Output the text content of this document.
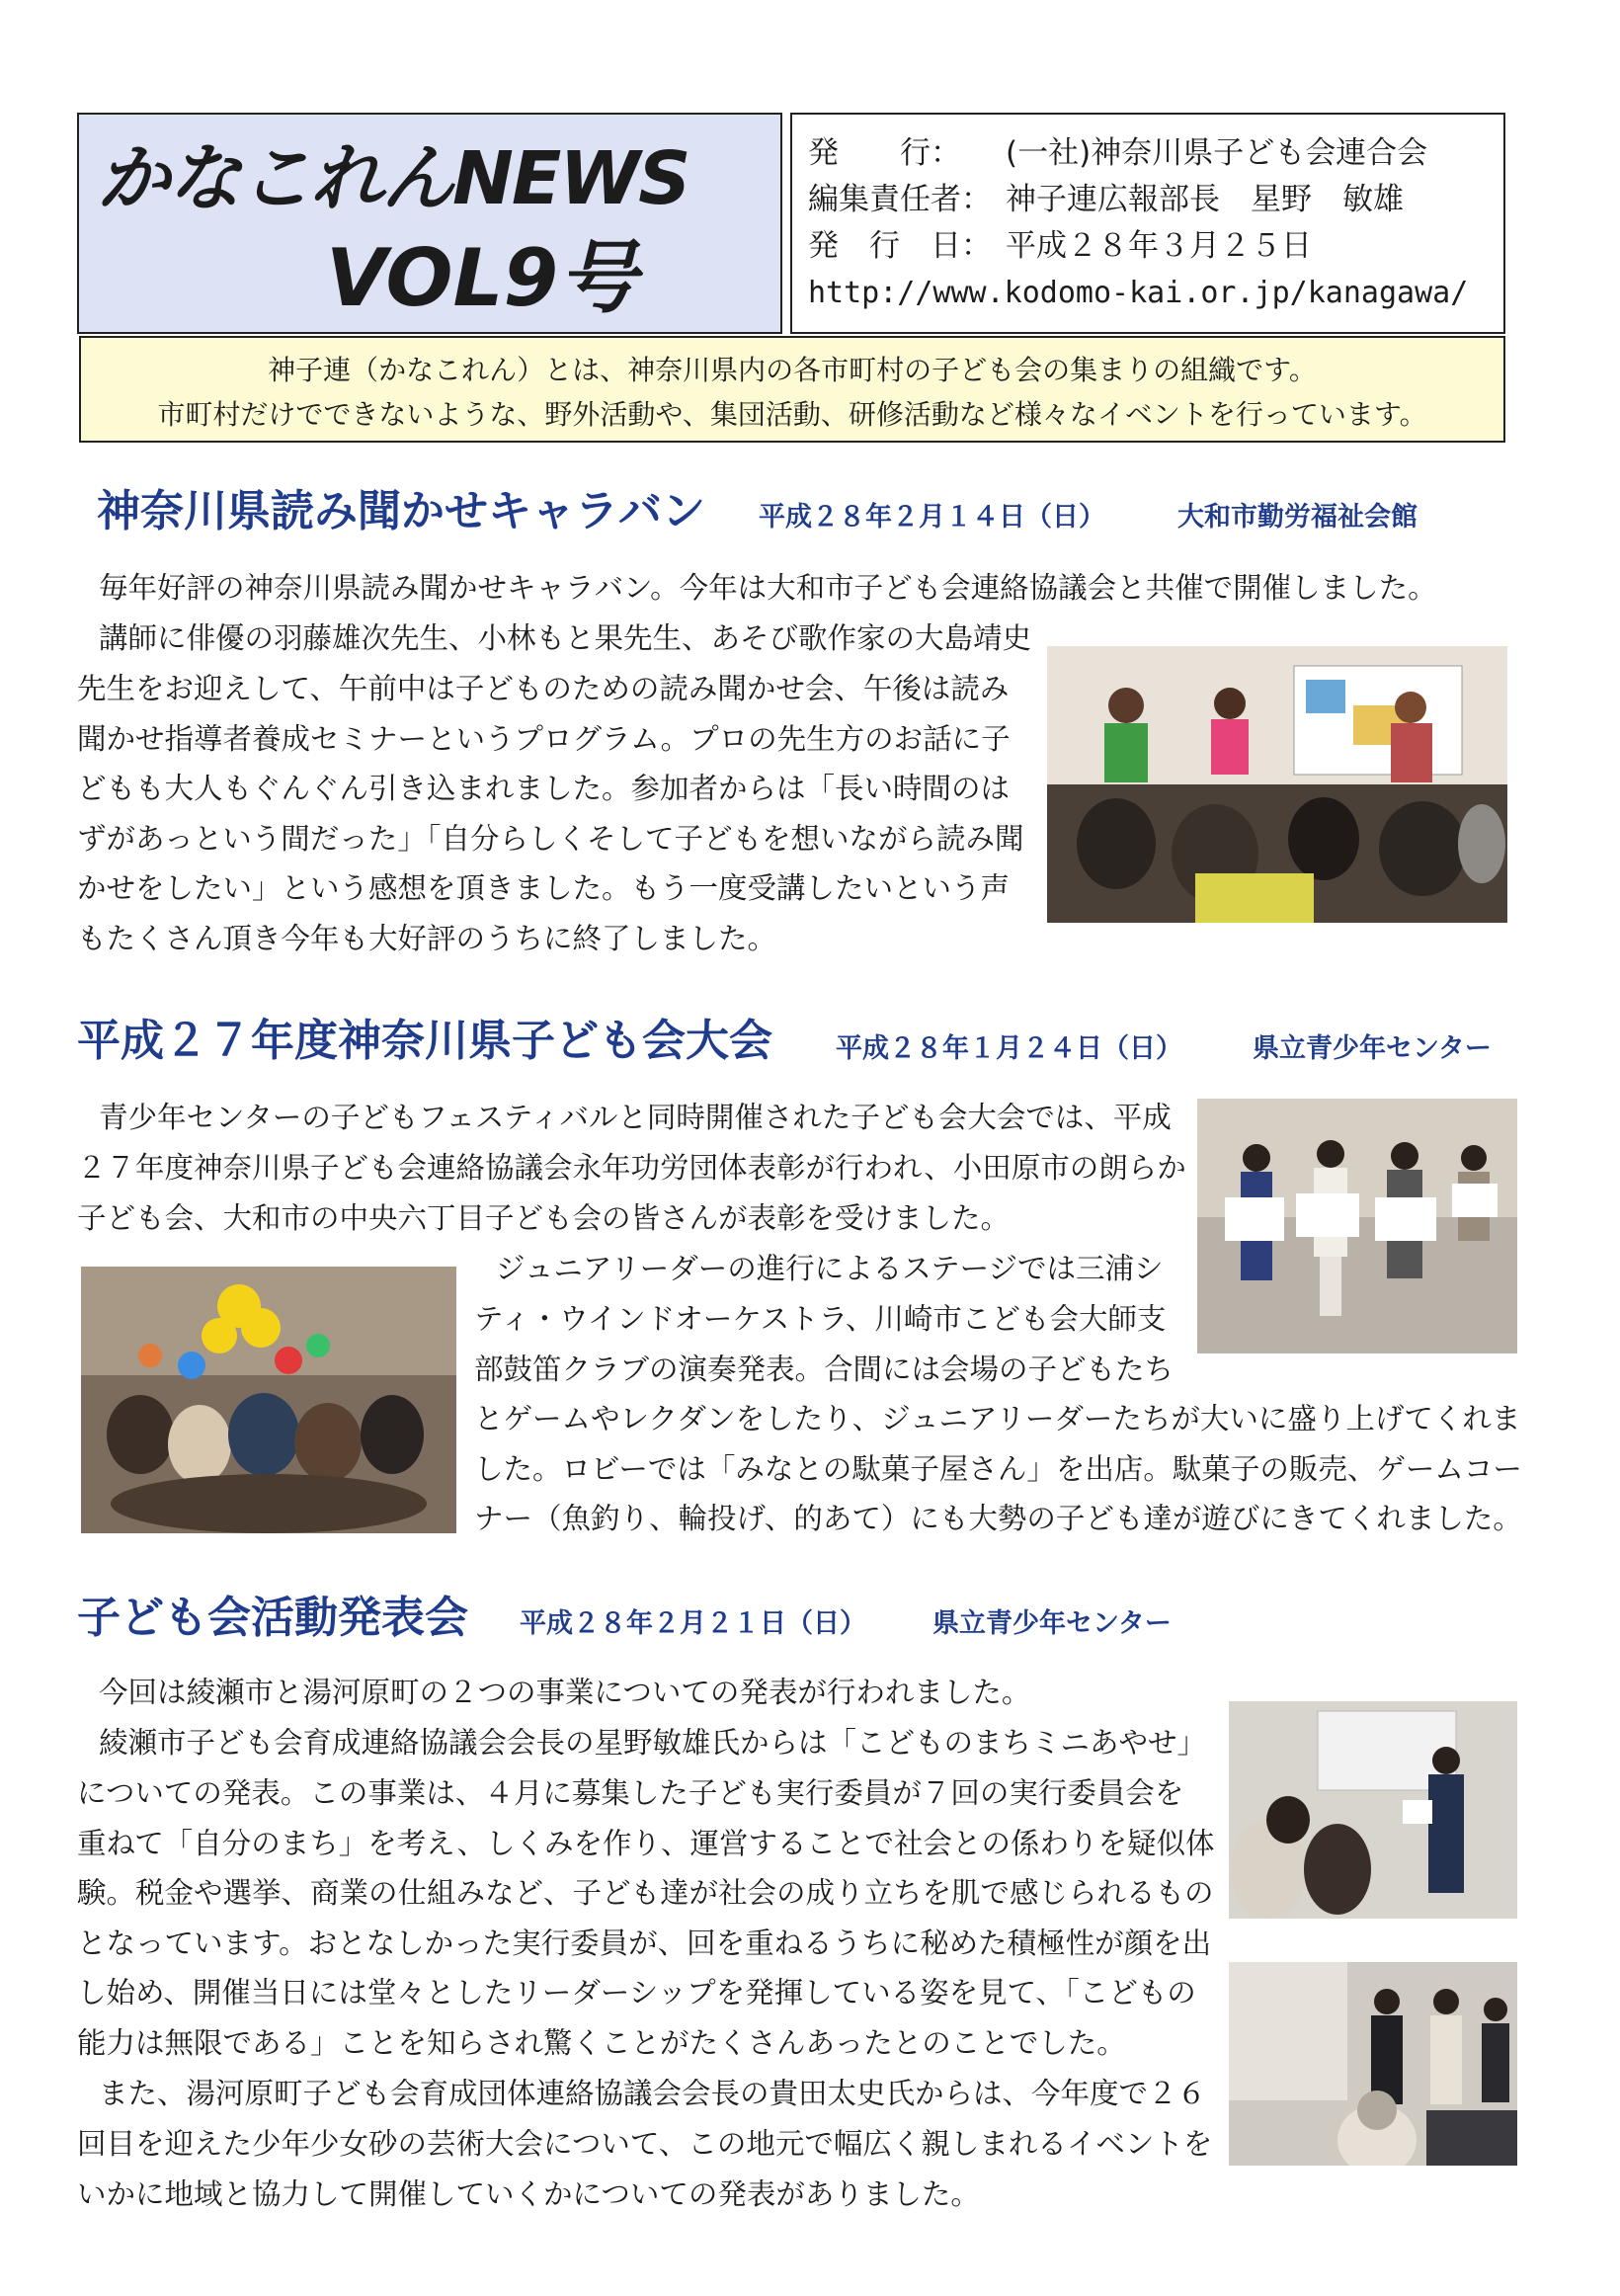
かなこれんNEWS
VOL9号
発　　行：	(一社)神奈川県子ども会連合会
編集責任者： 神子連広報部長　星野　敏雄
発　行　日： 平成２８年３月２５日
http://www.kodomo-kai.or.jp/kanagawa/
神子連（かなこれん）とは、神奈川県内の各市町村の子ども会の集まりの組織です。
市町村だけでできないような、野外活動や、集団活動、研修活動など様々なイベントを行っています。
神奈川県読み聞かせキャラバン 平成２８年２月１４日（日）	大和市勤労福祉会館
毎年好評の神奈川県読み聞かせキャラバン。今年は大和市子ども会連絡協議会と共催で開催しました。
講師に俳優の羽藤雄次先生、小林もと果先生、あそび歌作家の大島靖史
先生をお迎えして、午前中は子どものための読み聞かせ会、午後は読み
聞かせ指導者養成セミナーというプログラム。プロの先生方のお話に子
どもも大人もぐんぐん引き込まれました。参加者からは「長い時間のは
ずがあっという間だった」「自分らしくそして子どもを想いながら読み聞
かせをしたい」という感想を頂きました。もう一度受講したいという声
もたくさん頂き今年も大好評のうちに終了しました。
平成２７年度神奈川県子ども会大会 平成２８年１月２４日（日）	県立青少年センター
青少年センターの子どもフェスティバルと同時開催された子ども会大会では、平成
２７年度神奈川県子ども会連絡協議会永年功労団体表彰が行われ、小田原市の朗らか
子ども会、大和市の中央六丁目子ども会の皆さんが表彰を受けました。
ジュニアリーダーの進行によるステージでは三浦シ
ティ・ウインドオーケストラ、川崎市こども会大師支
部鼓笛クラブの演奏発表。合間には会場の子どもたち
とゲームやレクダンをしたり、ジュニアリーダーたちが大いに盛り上げてくれま
した。ロビーでは「みなとの駄菓子屋さん」を出店。駄菓子の販売、ゲームコー
ナー（魚釣り、輪投げ、的あて）にも大勢の子ども達が遊びにきてくれました。
子ども会活動発表会 平成２８年２月２１日（日） 県立青少年センター
今回は綾瀬市と湯河原町の２つの事業についての発表が行われました。
綾瀬市子ども会育成連絡協議会会長の星野敏雄氏からは「こどものまちミニあやせ」
についての発表。この事業は、４月に募集した子ども実行委員が７回の実行委員会を
重ねて「自分のまち」を考え、しくみを作り、運営することで社会との係わりを疑似体
験。税金や選挙、商業の仕組みなど、子ども達が社会の成り立ちを肌で感じられるもの
となっています。おとなしかった実行委員が、回を重ねるうちに秘めた積極性が顔を出
し始め、開催当日には堂々としたリーダーシップを発揮している姿を見て、「こどもの
能力は無限である」ことを知らされ驚くことがたくさんあったとのことでした。
また、湯河原町子ども会育成団体連絡協議会会長の貴田太史氏からは、今年度で２６
回目を迎えた少年少女砂の芸術大会について、この地元で幅広く親しまれるイベントを
いかに地域と協力して開催していくかについての発表がありました。
